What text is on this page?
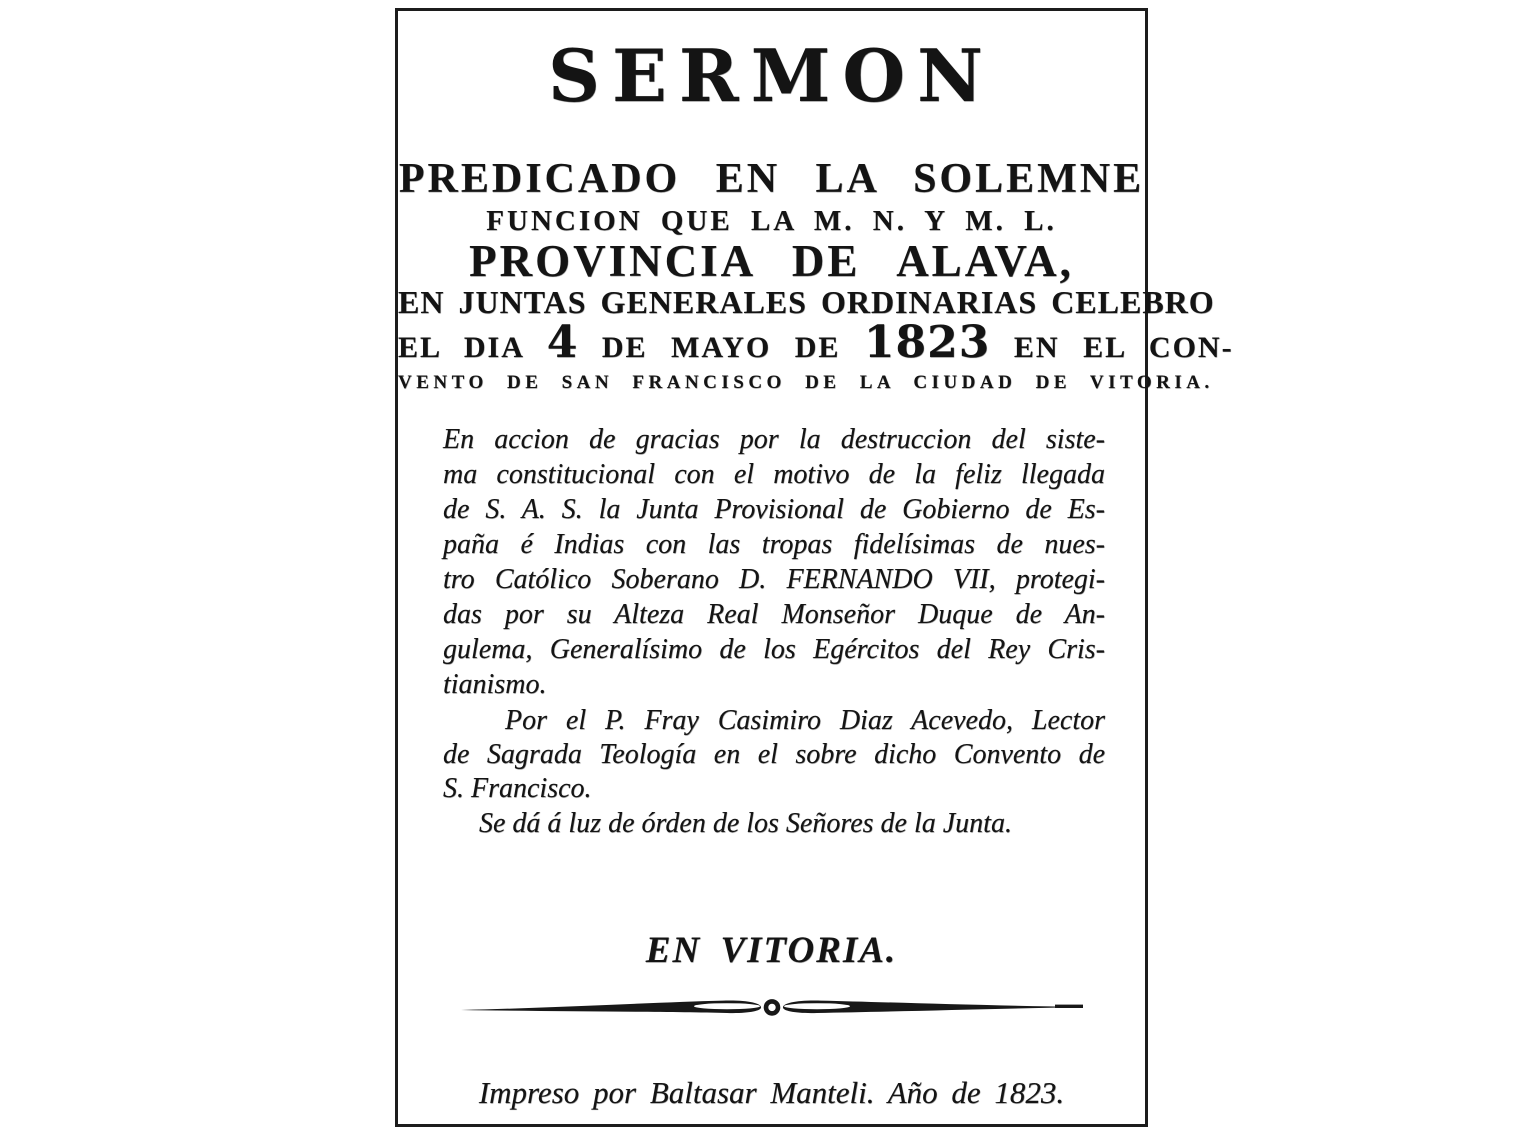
SERMON
PREDICADO EN LA SOLEMNE
FUNCION QUE LA M. N. Y M. L.
PROVINCIA DE ALAVA,
EN JUNTAS GENERALES ORDINARIAS CELEBRO
EL DIA 4 DE MAYO DE 1823 EN EL CON-
VENTO DE SAN FRANCISCO DE LA CIUDAD DE VITORIA.
En accion de gracias por la destruccion del siste-
ma constitucional con el motivo de la feliz llegada
de S. A. S. la Junta Provisional de Gobierno de Es-
paña é Indias con las tropas fidelísimas de nues-
tro Católico Soberano D. FERNANDO VII, protegi-
das por su Alteza Real Monseñor Duque de An-
gulema, Generalísimo de los Egércitos del Rey Cris-
tianismo.
Por el P. Fray Casimiro Diaz Acevedo, Lector
de Sagrada Teología en el sobre dicho Convento de
S. Francisco.
Se dá á luz de órden de los Señores de la Junta.
EN VITORIA.
Impreso por Baltasar Manteli. Año de 1823.
